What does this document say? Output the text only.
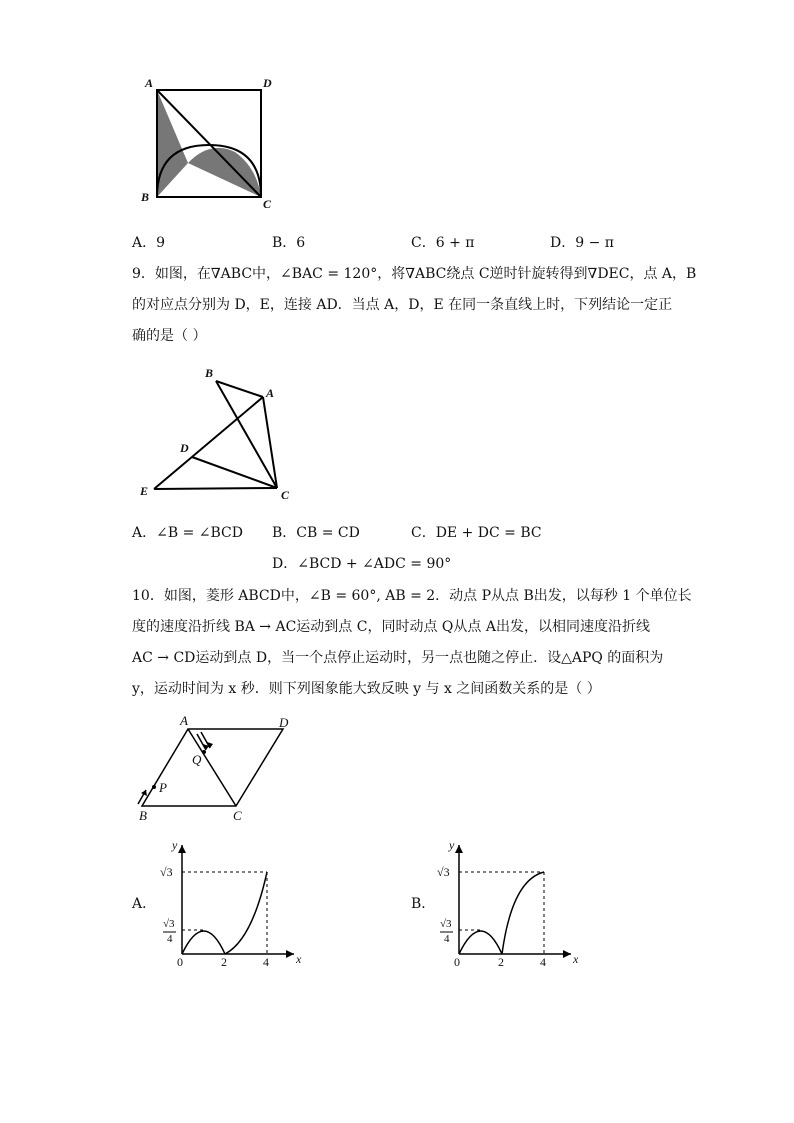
A	D
B	C
A．9	B．6	C．6 + π	D．9 − π
9．如图，在∇ABC中，∠BAC = 120°，将∇ABC绕点 C逆时针旋转得到∇DEC，点 A，B
的对应点分别为 D，E，连接 AD．当点 A，D，E 在同一条直线上时，下列结论一定正
确的是（ ）
B
A
D
E	C
A．∠B = ∠BCD B．CB = CD	C．DE + DC = BC
D．∠BCD + ∠ADC = 90°
10．如图，菱形 ABCD中，∠B = 60°, AB = 2．动点 P从点 B出发，以每秒 1 个单位长
度的速度沿折线 BA → AC运动到点 C，同时动点 Q从点 A出发，以相同速度沿折线
AC → CD运动到点 D，当一个点停止运动时，另一点也随之停止．设△APQ 的面积为
y，运动时间为 x 秒．则下列图象能大致反映 y 与 x 之间函数关系的是（ ）
A	D
Q
P
B	C
A．
y
x
0	2	4
√3
√3
4
B．
y
x
0	2	4
√3
√3
4
